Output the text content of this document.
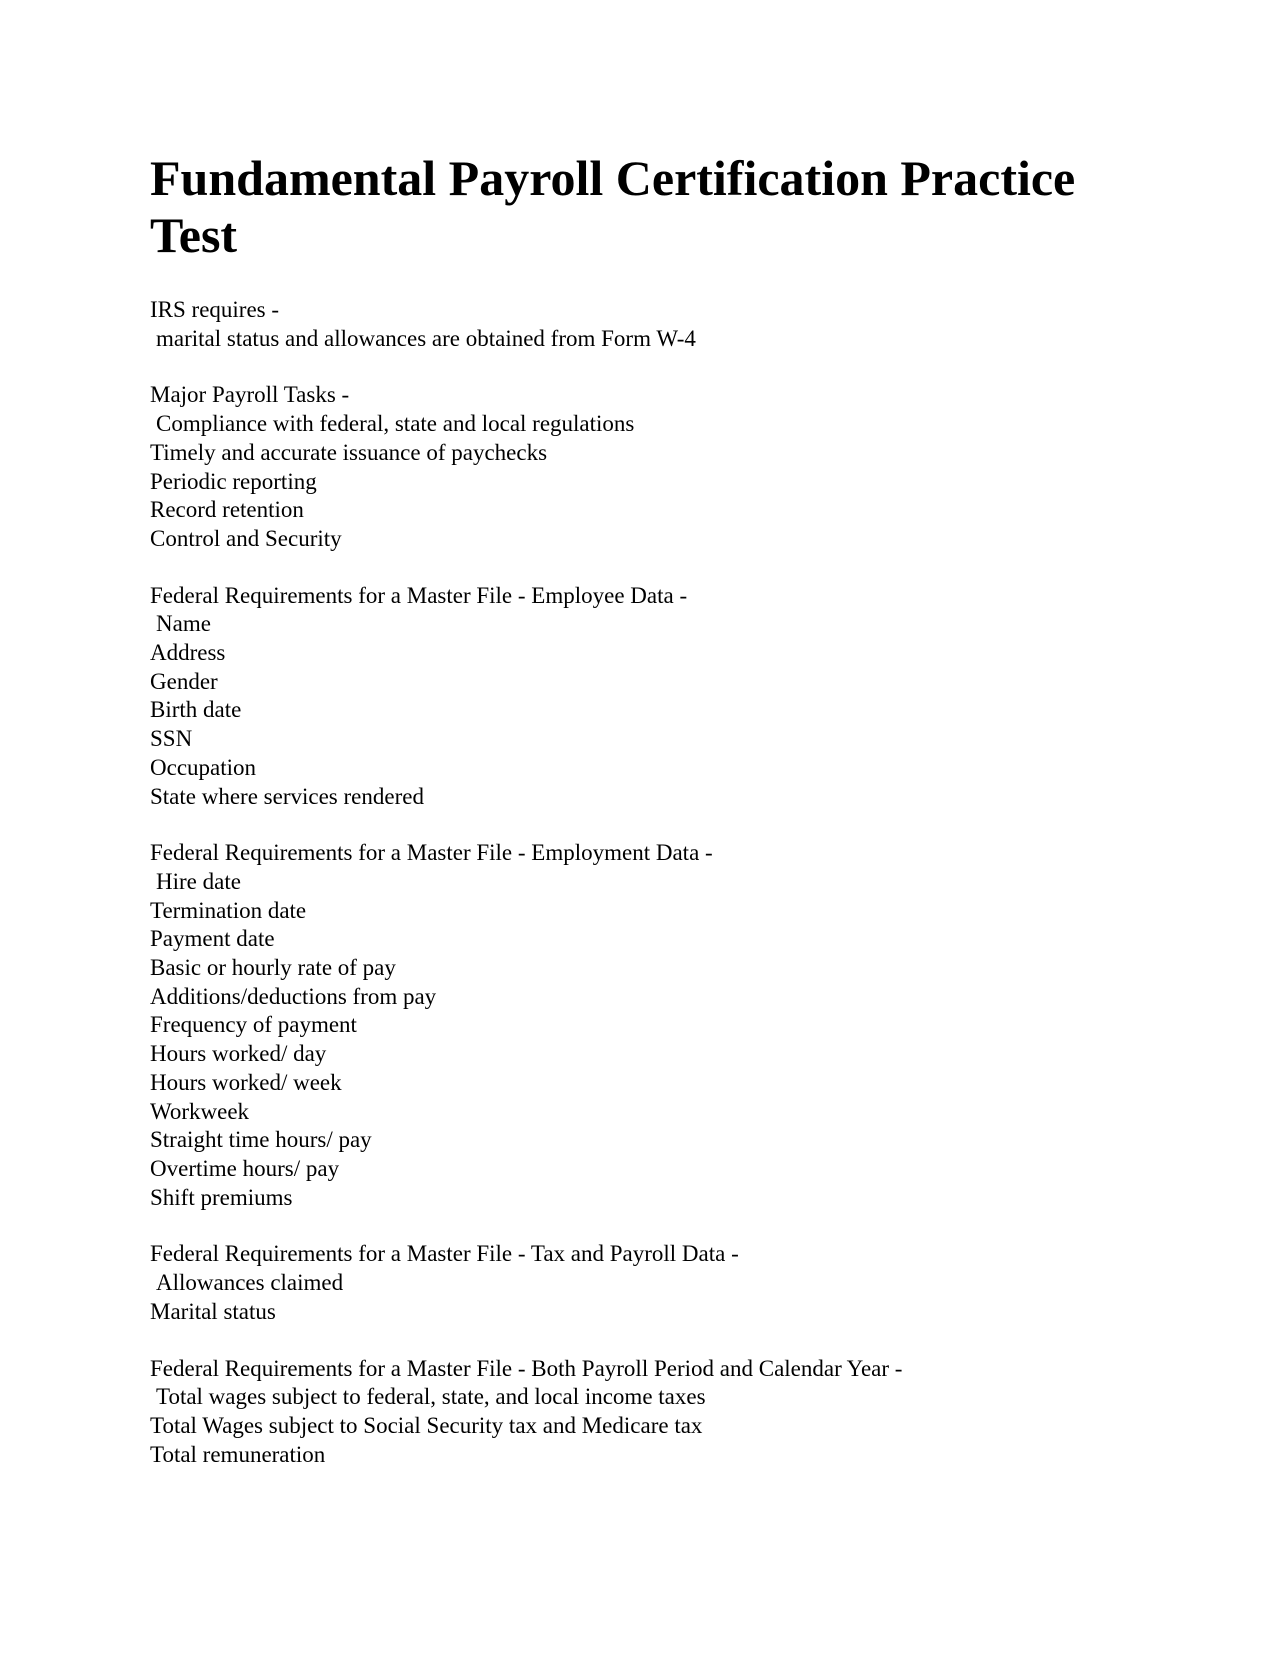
Fundamental Payroll Certification Practice Test
IRS requires -
marital status and allowances are obtained from Form W-4
Major Payroll Tasks -
Compliance with federal, state and local regulations
Timely and accurate issuance of paychecks
Periodic reporting
Record retention
Control and Security
Federal Requirements for a Master File - Employee Data -
Name
Address
Gender
Birth date
SSN
Occupation
State where services rendered
Federal Requirements for a Master File - Employment Data -
Hire date
Termination date
Payment date
Basic or hourly rate of pay
Additions/deductions from pay
Frequency of payment
Hours worked/ day
Hours worked/ week
Workweek
Straight time hours/ pay
Overtime hours/ pay
Shift premiums
Federal Requirements for a Master File - Tax and Payroll Data -
Allowances claimed
Marital status
Federal Requirements for a Master File - Both Payroll Period and Calendar Year -
Total wages subject to federal, state, and local income taxes
Total Wages subject to Social Security tax and Medicare tax
Total remuneration
